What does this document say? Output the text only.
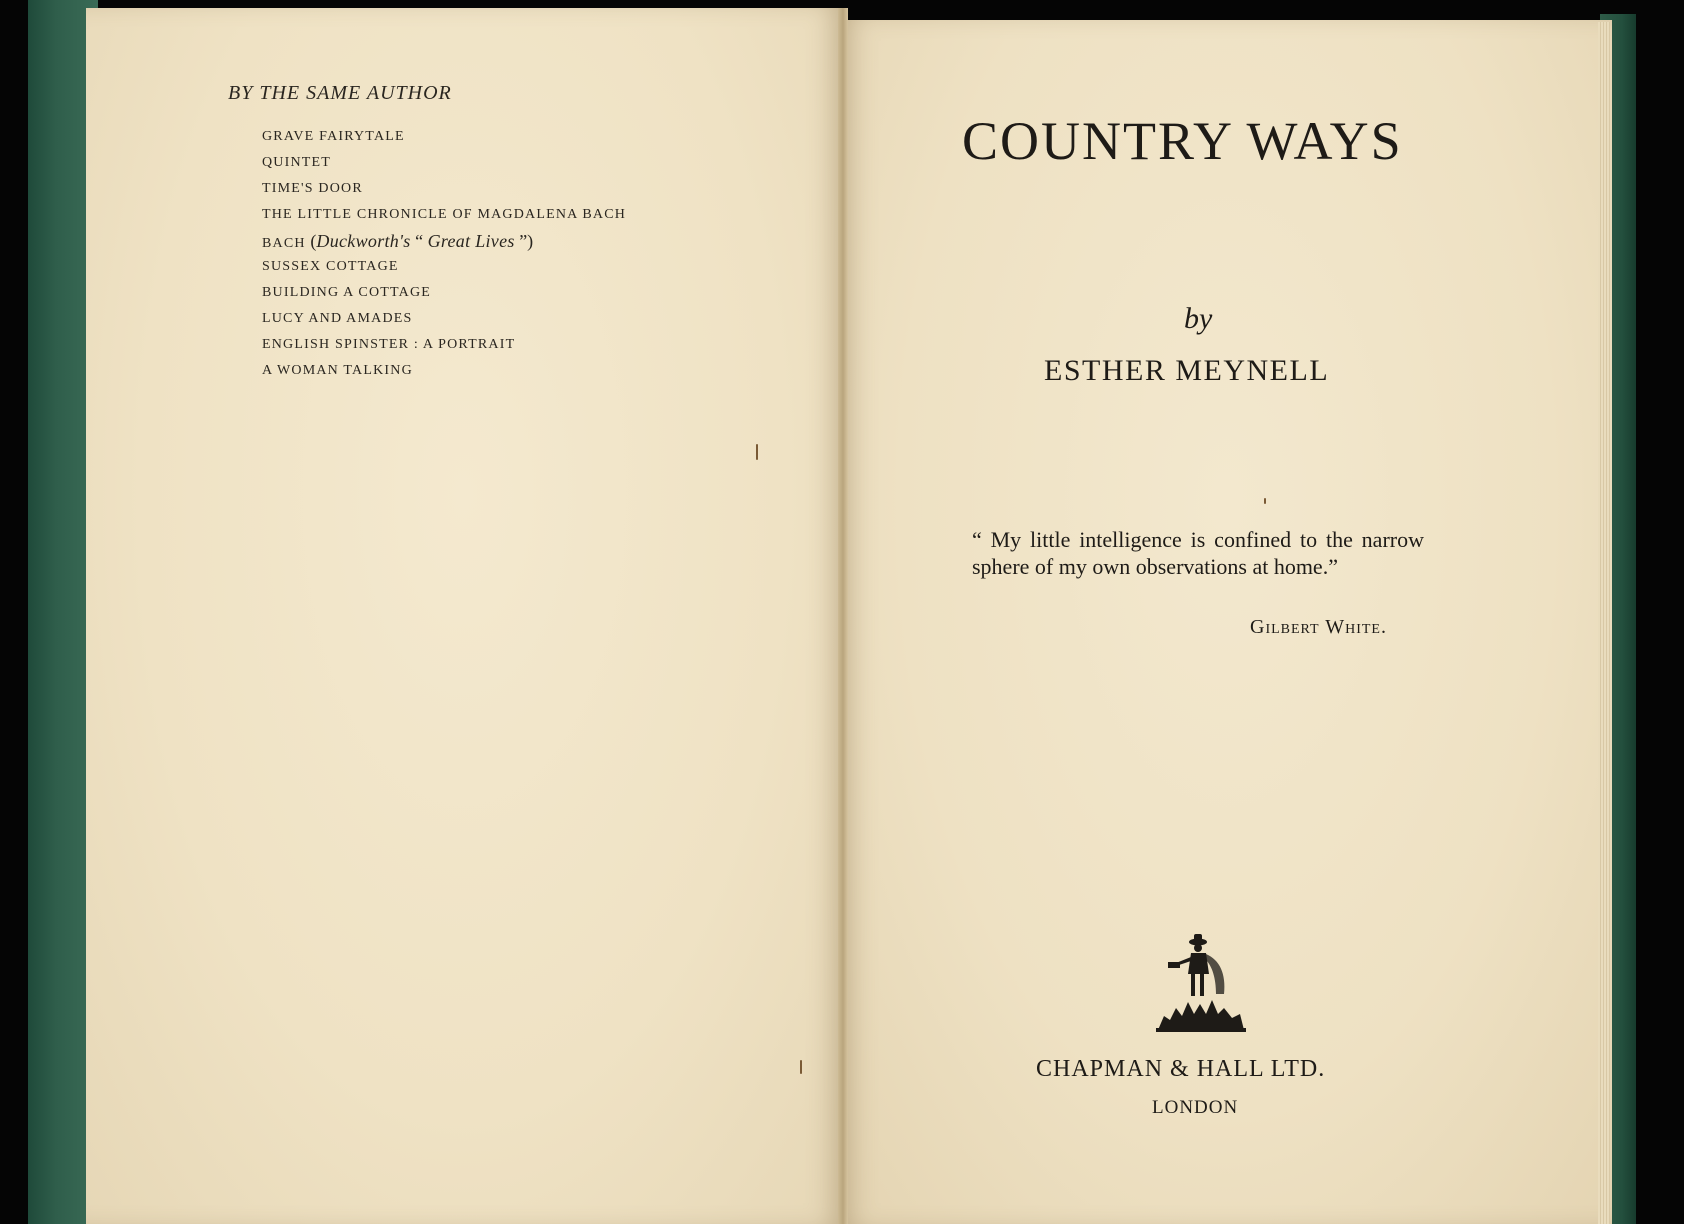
BY THE SAME AUTHOR
GRAVE FAIRYTALE
QUINTET
TIME'S DOOR
THE LITTLE CHRONICLE OF MAGDALENA BACH
BACH (Duckworth's “ Great Lives ”)
SUSSEX COTTAGE
BUILDING A COTTAGE
LUCY AND AMADES
ENGLISH SPINSTER : A PORTRAIT
A WOMAN TALKING
COUNTRY WAYS
by
ESTHER MEYNELL
“ My little intelligence is confined to the narrow sphere of my own observations at home.”
Gilbert White.
CHAPMAN & HALL LTD.
LONDON
